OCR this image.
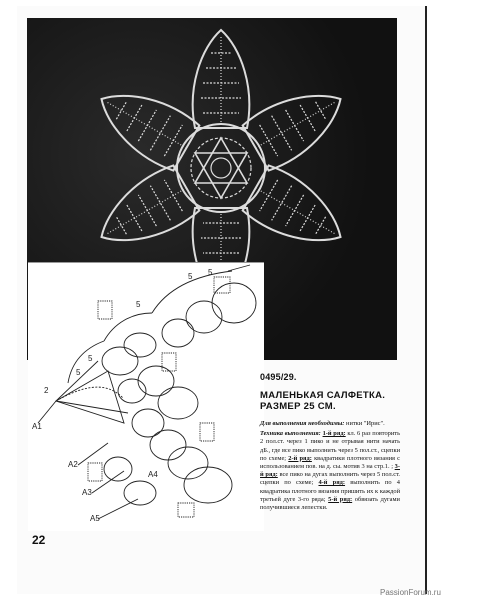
A1
A2
A3
A4
A5
5
5
5
5 5
2
0495/29.
МАЛЕНЬКАЯ САЛФЕТКА.
РАЗМЕР 25 СМ.
Для выполнения необходимы: нитки "Ирис".
Техника выполнения: 1-й ряд: кл. 6 раз повторить 2 пол.ст. через 1 пико и не отрывая нити начать дБ., где все пико выполнить через 5 пол.ст., сцепки по схеме; 2-й ряд: квадратики плотного вязания с использованием пов. на д. сы. мотив 3 на стр.1. ; 3-й ряд: все пико на дугах выполнить через 5 пол.ст. сцепки по схеме; 4-й ряд: выполнить по 4 квадратика плотного вязания пришить их к каждой третьей дуге 3-го ряда; 5-й ряд: обвязать дугами получившиеся лепестки.
22
PassionForum.ru
